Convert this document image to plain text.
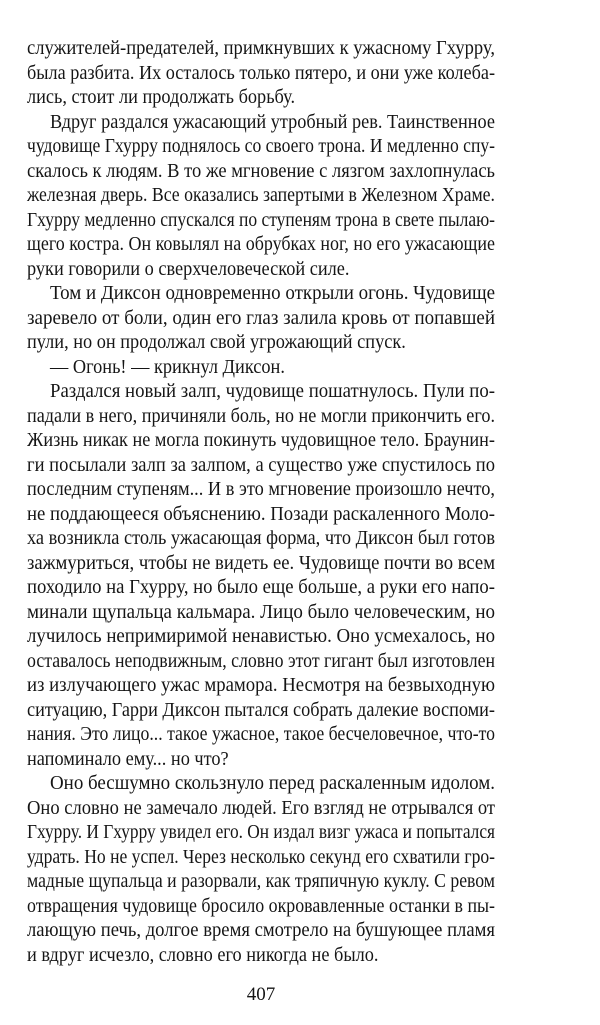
служителей-предателей, примкнувших к ужасному Гхурру,
была разбита. Их осталось только пятеро, и они уже колеба-
лись, стоит ли продолжать борьбу.
Вдруг раздался ужасающий утробный рев. Таинственное
чудовище Гхурру поднялось со своего трона. И медленно спу-
скалось к людям. В то же мгновение с лязгом захлопнулась
железная дверь. Все оказались запертыми в Железном Храме.
Гхурру медленно спускался по ступеням трона в свете пылаю-
щего костра. Он ковылял на обрубках ног, но его ужасающие
руки говорили о сверхчеловеческой силе.
Том и Диксон одновременно открыли огонь. Чудовище
заревело от боли, один его глаз залила кровь от попавшей
пули, но он продолжал свой угрожающий спуск.
— Огонь! — крикнул Диксон.
Раздался новый залп, чудовище пошатнулось. Пули по-
падали в него, причиняли боль, но не могли прикончить его.
Жизнь никак не могла покинуть чудовищное тело. Браунин-
ги посылали залп за залпом, а существо уже спустилось по
последним ступеням... И в это мгновение произошло нечто,
не поддающееся объяснению. Позади раскаленного Моло-
ха возникла столь ужасающая форма, что Диксон был готов
зажмуриться, чтобы не видеть ее. Чудовище почти во всем
походило на Гхурру, но было еще больше, а руки его напо-
минали щупальца кальмара. Лицо было человеческим, но
лучилось непримиримой ненавистью. Оно усмехалось, но
оставалось неподвижным, словно этот гигант был изготовлен
из излучающего ужас мрамора. Несмотря на безвыходную
ситуацию, Гарри Диксон пытался собрать далекие воспоми-
нания. Это лицо... такое ужасное, такое бесчеловечное, что-то
напоминало ему... но что?
Оно бесшумно скользнуло перед раскаленным идолом.
Оно словно не замечало людей. Его взгляд не отрывался от
Гхурру. И Гхурру увидел его. Он издал визг ужаса и попытался
удрать. Но не успел. Через несколько секунд его схватили гро-
мадные щупальца и разорвали, как тряпичную куклу. С ревом
отвращения чудовище бросило окровавленные останки в пы-
лающую печь, долгое время смотрело на бушующее пламя
и вдруг исчезло, словно его никогда не было.
407
